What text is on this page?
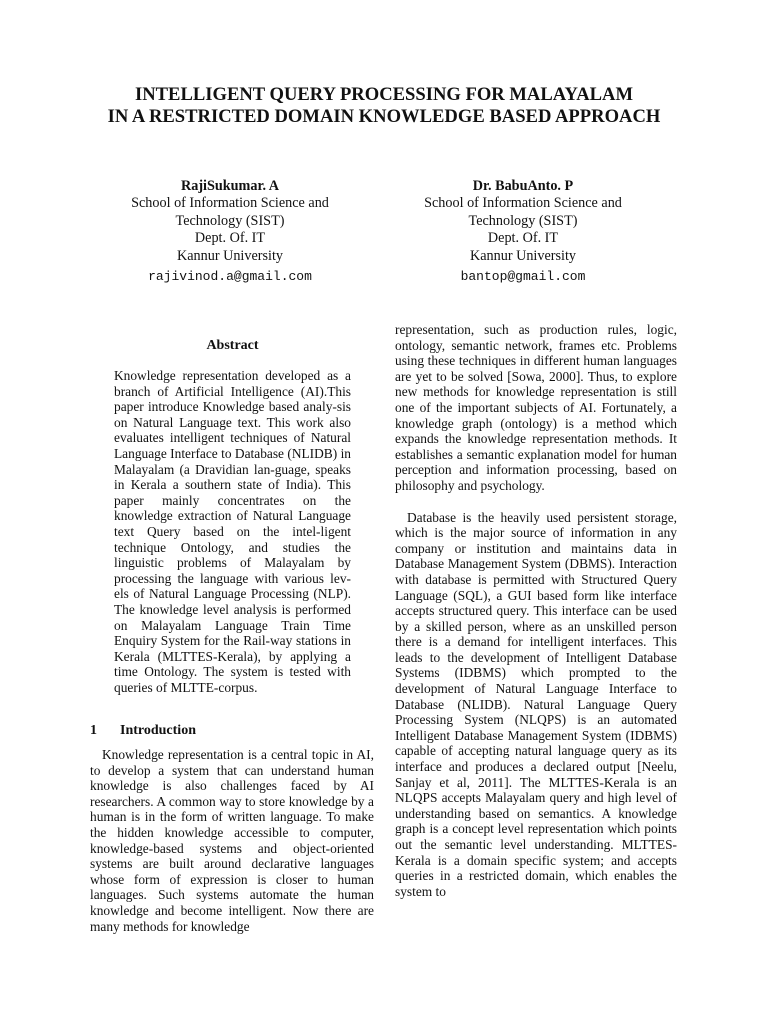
INTELLIGENT QUERY PROCESSING FOR MALAYALAM
IN A RESTRICTED DOMAIN KNOWLEDGE BASED APPROACH
RajiSukumar. A
School of Information Science and
Technology (SIST)
Dept. Of. IT
Kannur University
rajivinod.a@gmail.com
Dr. BabuAnto. P
School of Information Science and
Technology (SIST)
Dept. Of. IT
Kannur University
bantop@gmail.com
Abstract

Knowledge representation developed as a branch of Artificial Intelligence (AI).This paper introduce Knowledge based analy-sis on Natural Language text. This work also evaluates intelligent techniques of Natural Language Interface to Database (NLIDB) in Malayalam (a Dravidian lan-guage, speaks in Kerala a southern state of India). This paper mainly concentrates on the knowledge extraction of Natural Language text Query based on the intel-ligent technique Ontology, and studies the linguistic problems of Malayalam by processing the language with various lev-els of Natural Language Processing (NLP). The knowledge level analysis is performed on Malayalam Language Train Time Enquiry System for the Rail-way stations in Kerala (MLTTES-Kerala), by applying a time Ontology. The system is tested with queries of MLTTE-corpus.

1 Introduction

Knowledge representation is a central topic in AI, to develop a system that can understand human knowledge is also challenges faced by AI researchers. A common way to store knowledge by a human is in the form of written language. To make the hidden knowledge accessible to computer, knowledge-based systems and object-oriented systems are built around declarative languages whose form of expression is closer to human languages. Such systems automate the human knowledge and become intelligent. Now there are many methods for knowledge

representation, such as production rules, logic, ontology, semantic network, frames etc. Problems using these techniques in different human languages are yet to be solved [Sowa, 2000]. Thus, to explore new methods for knowledge representation is still one of the important subjects of AI. Fortunately, a knowledge graph (ontology) is a method which expands the knowledge representation methods. It establishes a semantic explanation model for human perception and information processing, based on philosophy and psychology.

Database is the heavily used persistent storage, which is the major source of information in any company or institution and maintains data in Database Management System (DBMS). Interaction with database is permitted with Structured Query Language (SQL), a GUI based form like interface accepts structured query. This interface can be used by a skilled person, where as an unskilled person there is a demand for intelligent interfaces. This leads to the development of Intelligent Database Systems (IDBMS) which prompted to the development of Natural Language Interface to Database (NLIDB). Natural Language Query Processing System (NLQPS) is an automated Intelligent Database Management System (IDBMS) capable of accepting natural language query as its interface and produces a declared output [Neelu, Sanjay et al, 2011]. The MLTTES-Kerala is an NLQPS accepts Malayalam query and high level of understanding based on semantics. A knowledge graph is a concept level representation which points out the semantic level understanding. MLTTES-Kerala is a domain specific system; and accepts queries in a restricted domain, which enables the system to
